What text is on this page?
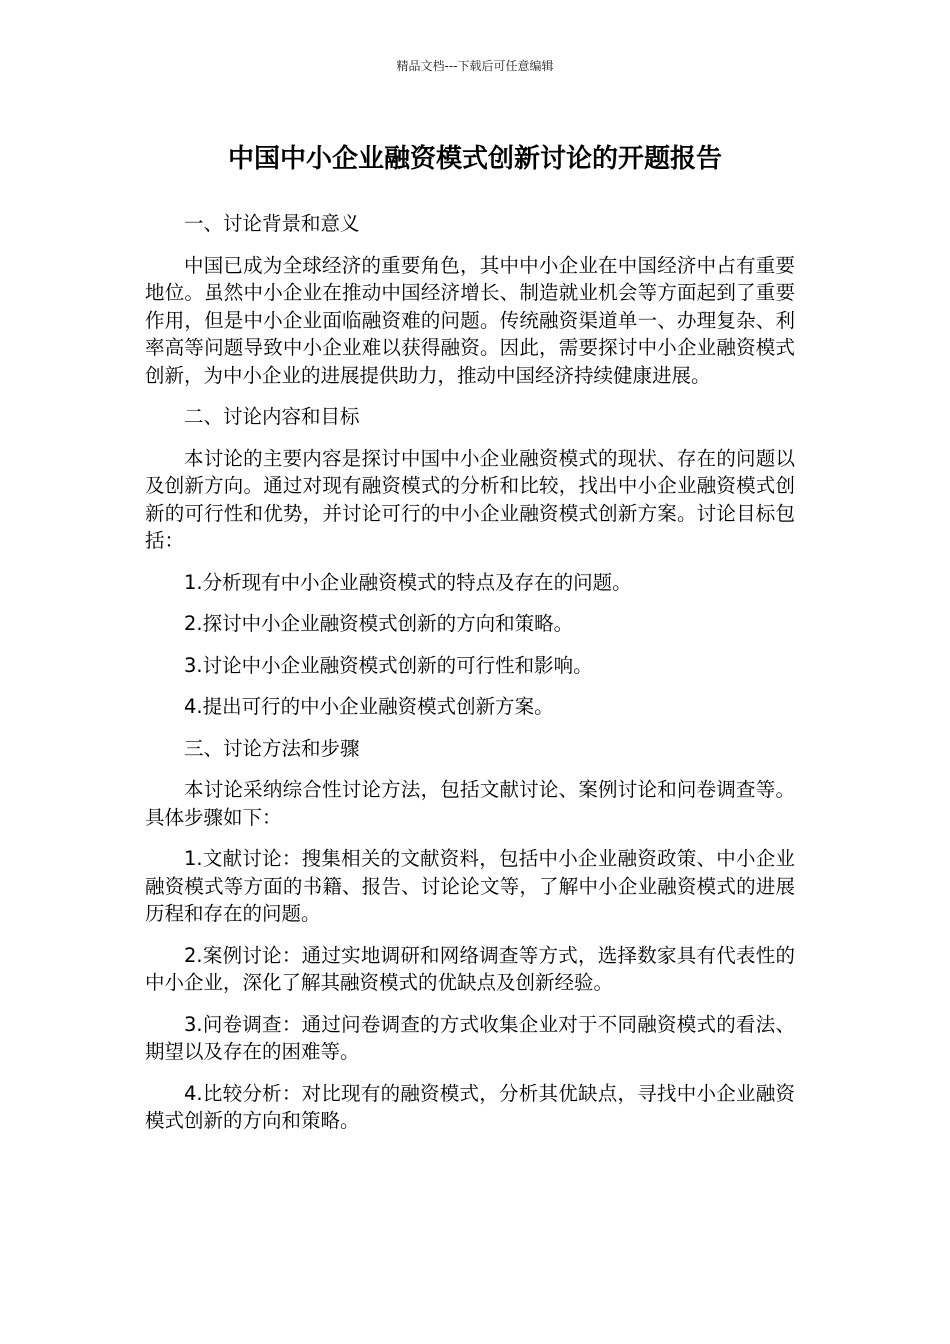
精品文档---下载后可任意编辑
中国中小企业融资模式创新讨论的开题报告

一、讨论背景和意义

中国已成为全球经济的重要角色，其中中小企业在中国经济中占有重要地位。虽然中小企业在推动中国经济增长、制造就业机会等方面起到了重要作用，但是中小企业面临融资难的问题。传统融资渠道单一、办理复杂、利率高等问题导致中小企业难以获得融资。因此，需要探讨中小企业融资模式创新，为中小企业的进展提供助力，推动中国经济持续健康进展。

二、讨论内容和目标

本讨论的主要内容是探讨中国中小企业融资模式的现状、存在的问题以及创新方向。通过对现有融资模式的分析和比较，找出中小企业融资模式创新的可行性和优势，并讨论可行的中小企业融资模式创新方案。讨论目标包括：

1.分析现有中小企业融资模式的特点及存在的问题。

2.探讨中小企业融资模式创新的方向和策略。

3.讨论中小企业融资模式创新的可行性和影响。

4.提出可行的中小企业融资模式创新方案。

三、讨论方法和步骤

本讨论采纳综合性讨论方法，包括文献讨论、案例讨论和问卷调查等。具体步骤如下：

1.文献讨论：搜集相关的文献资料，包括中小企业融资政策、中小企业融资模式等方面的书籍、报告、讨论论文等，了解中小企业融资模式的进展历程和存在的问题。

2.案例讨论：通过实地调研和网络调查等方式，选择数家具有代表性的中小企业，深化了解其融资模式的优缺点及创新经验。

3.问卷调查：通过问卷调查的方式收集企业对于不同融资模式的看法、期望以及存在的困难等。

4.比较分析：对比现有的融资模式，分析其优缺点，寻找中小企业融资模式创新的方向和策略。
